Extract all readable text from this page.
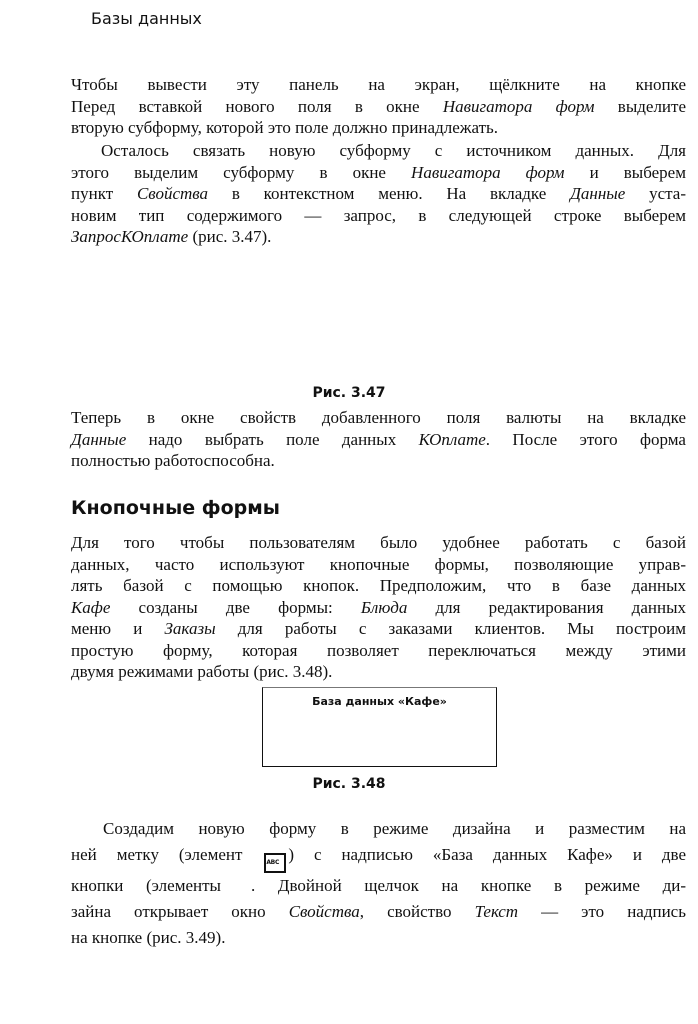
Базы данных

Чтобы вывести эту панель на экран, щёлкните на кнопке
Перед вставкой нового поля в окне Навигатора форм выделите
вторую субформу, которой это поле должно принадлежать.

Осталось связать новую субформу с источником данных. Для
этого выделим субформу в окне Навигатора форм и выберем
пункт Свойства в контекстном меню. На вкладке Данные уста-
новим тип содержимого — запрос, в следующей строке выберем
ЗапросКОплате (рис. 3.47).

Рис. 3.47

Теперь в окне свойств добавленного поля валюты на вкладке
Данные надо выбрать поле данных КОплате. После этого форма
полностью работоспособна.

Кнопочные формы

Для того чтобы пользователям было удобнее работать с базой
данных, часто используют кнопочные формы, позволяющие управ-
лять базой с помощью кнопок. Предположим, что в базе данных
Кафе созданы две формы: Блюда для редактирования данных
меню и Заказы для работы с заказами клиентов. Мы построим
простую форму, которая позволяет переключаться между этими
двумя режимами работы (рис. 3.48).

База данных «Кафе»
Рис. 3.48

Создадим новую форму в режиме дизайна и разместим на
ней метку (элемент ABC ) с надписью «База данных Кафе» и две
кнопки (элементы . Двойной щелчок на кнопке в режиме ди-
зайна открывает окно Свойства, свойство Текст — это надпись
на кнопке (рис. 3.49).
